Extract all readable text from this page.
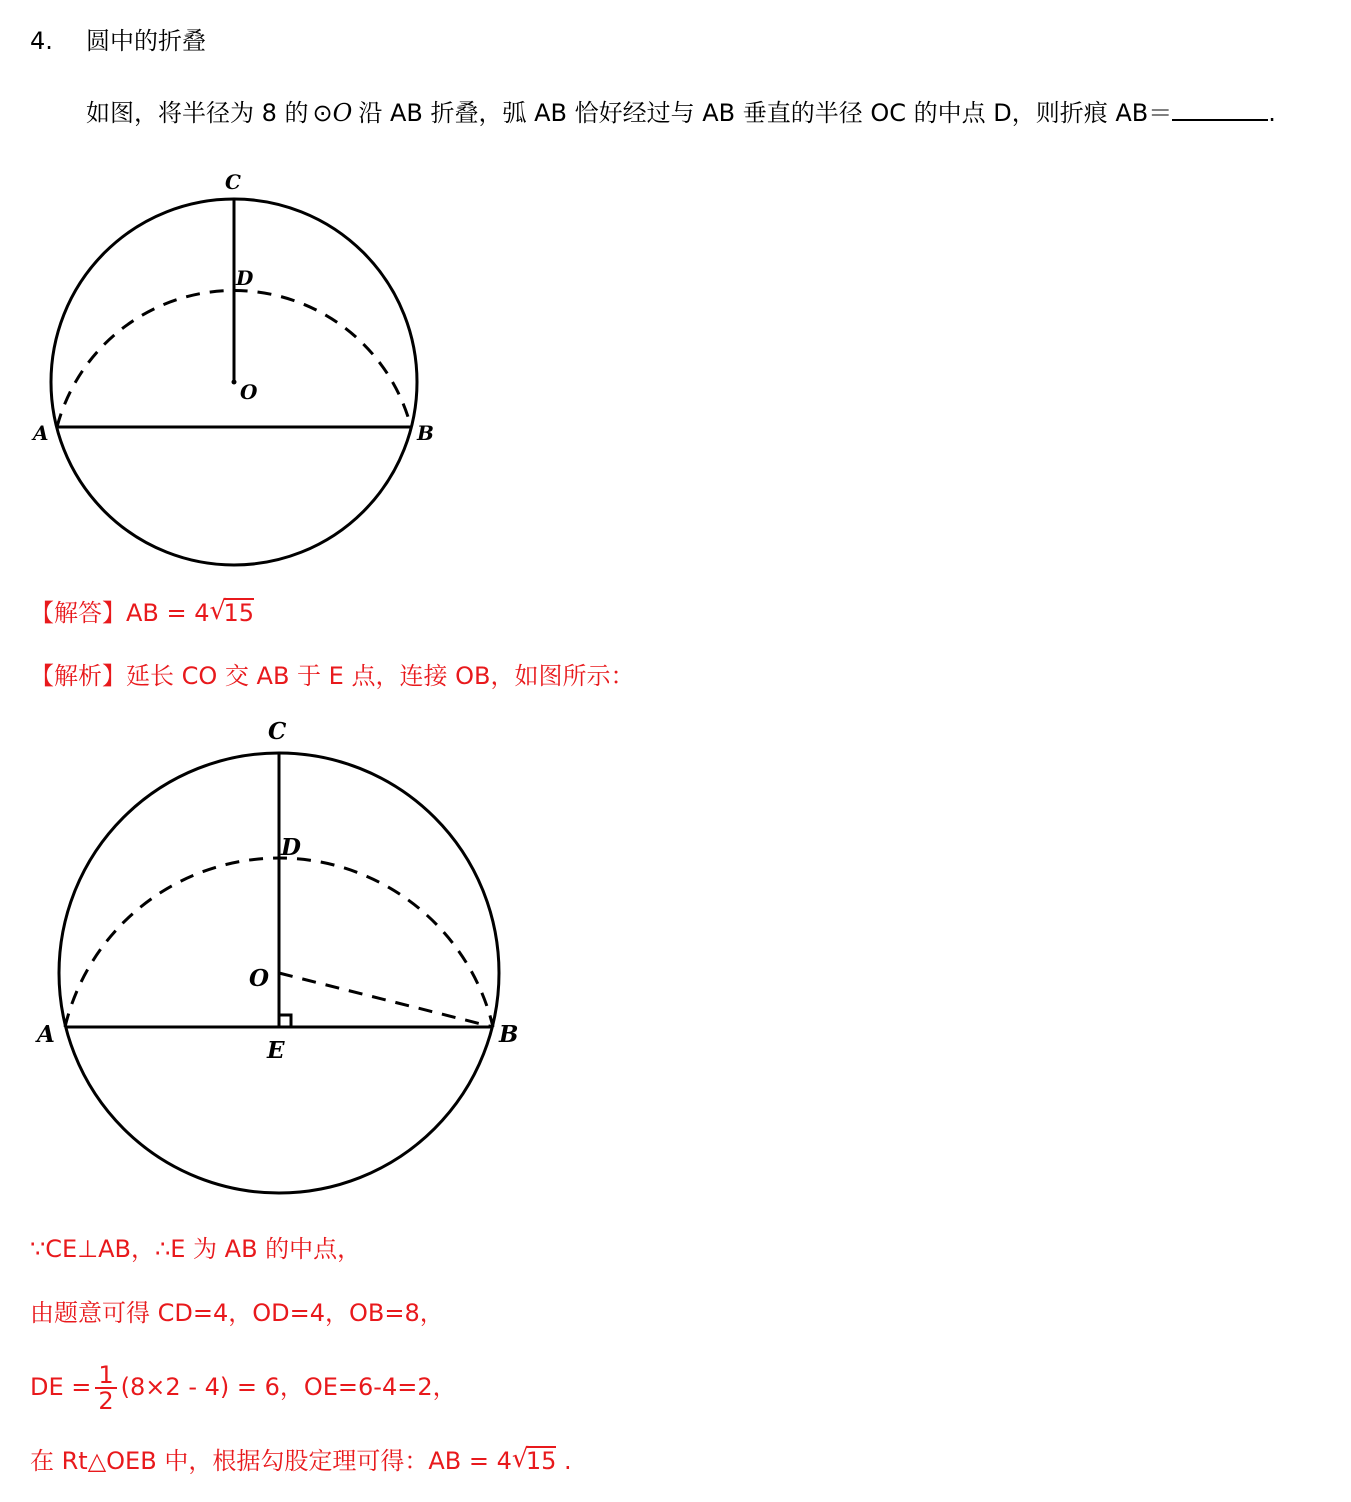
4. 圆中的折叠
如图，将半径为 8 的 ⊙O 沿 AB 折叠，弧 AB 恰好经过与 AB 垂直的半径 OC 的中点 D，则折痕 AB＝	.
C
D
O
A	B
【解答】AB = 4 √
15
【解析】延长 CO 交 AB 于 E 点，连接 OB，如图所示：
C
D
O
A	B
E
∵CE⊥AB，∴E 为 AB 的中点，
由题意可得 CD=4，OD=4，OB=8，
DE = $\frac{1}{2} (8\times 2 - 4) = 6$，OE=6-4=2，
在 Rt△OEB 中，根据勾股定理可得：AB = 4 √
15 .
